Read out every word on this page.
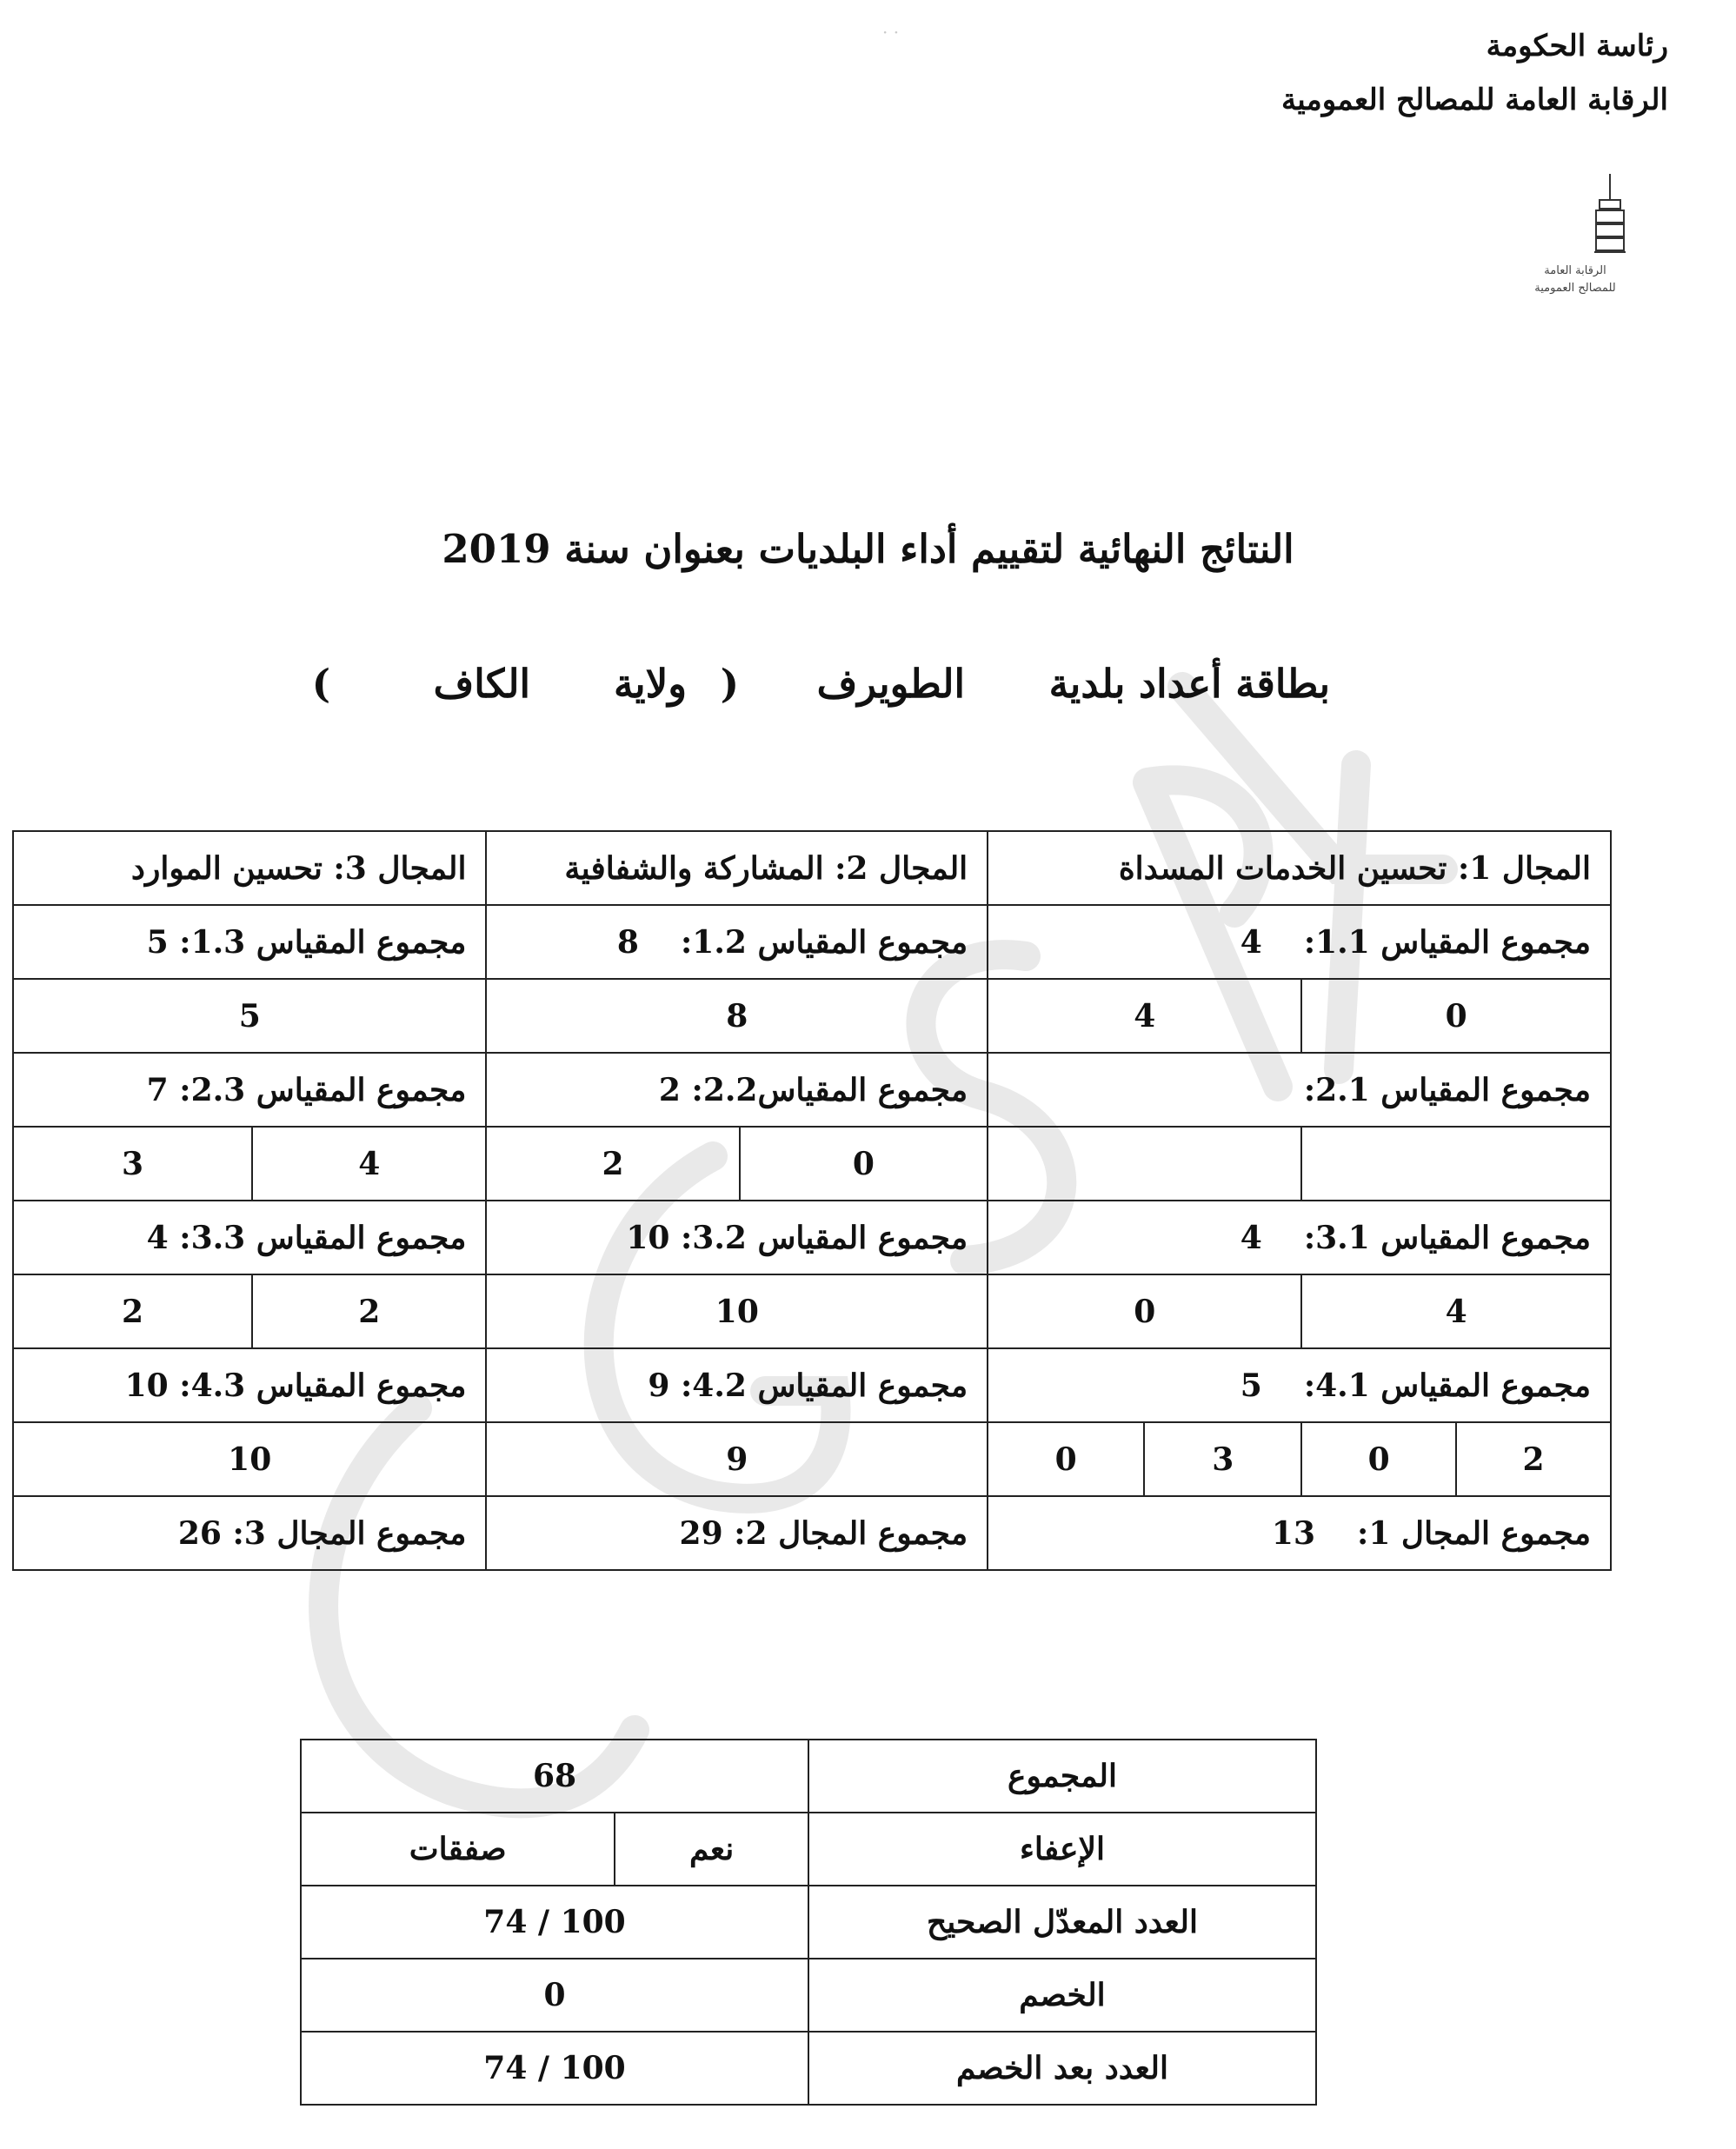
· ·	رئاسة الحكومة
الرقابة العامة للمصالح العمومية
الرقابة العامة
للمصالح العمومية
النتائج النهائية لتقييم أداء البلديات بعنوان سنة 2019
بطاقة أعداد بلدية
الطويرف
(
ولاية
الكاف
)
المجال 1: تحسين الخدمات المسداة				المجال 2: المشاركة والشفافية		المجال 3: تحسين الموارد	
مجموع المقياس 1.1:4				مجموع المقياس 1.2:8		مجموع المقياس 1.3: 5	
0		4		8		5	
مجموع المقياس 2.1:				مجموع المقياس2.2: 2		مجموع المقياس 2.3: 7	
				0	2	4	3
مجموع المقياس 3.1:4				مجموع المقياس 3.2: 10		مجموع المقياس 3.3: 4	
4		0		10		2	2
مجموع المقياس 4.1:5				مجموع المقياس 4.2: 9		مجموع المقياس 4.3: 10	
2	0	3	0	9		10	
مجموع المجال 1:13				مجموع المجال 2: 29		مجموع المجال 3: 26	
المجموع	68	
الإعفاء	نعم	صفقات
العدد المعدّل الصحيح	74 / 100	
الخصم	0	
العدد بعد الخصم	74 / 100	
